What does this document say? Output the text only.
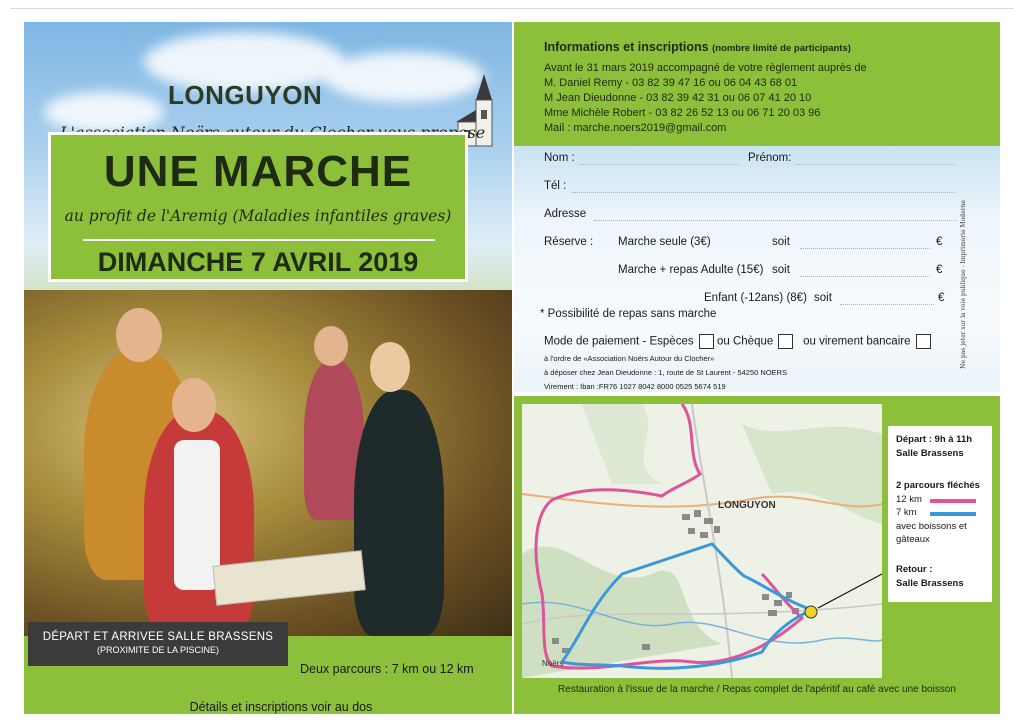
LONGUYON
UNE MARCHE
au profit de l'Aremig (Maladies infantiles graves)
DIMANCHE 7 AVRIL 2019
DÉPART ET ARRIVEE SALLE BRASSENS
(PROXIMITE DE LA PISCINE)
Deux parcours : 7 km ou 12 km
Détails et inscriptions voir au dos
Informations et inscriptions (nombre limité de participants)
Avant le 31 mars 2019 accompagné de votre règlement auprès de
M. Daniel Remy - 03 82 39 47 16 ou 06 04 43 68 01
M Jean Dieudonne - 03 82 39 42 31 ou 06 07 41 20 10
Mme Michèle Robert - 03 82 26 52 13 ou 06 71 20 03 96
Mail : marche.noers2019@gmail.com
Nom :	Prénom:
Tél :
Adresse
Réserve : Marche seule (3€)	soit	€
Marche + repas Adulte (15€) soit	€
Enfant (-12ans) (8€) soit	€
* Possibilité de repas sans marche
Mode de paiement - Espèces ou Chèque	ou virement bancaire
à l'ordre de «Association Noërs Autour du Clocher»
à déposer chez Jean Dieudonne : 1, route de St Laurent - 54250 NOERS
Virement : Iban :FR76 1027 8042 8000 0525 5674 519
Ne pas jeter sur la voie publique - Imprimerie Moderne
LONGUYON
Noërs
Départ : 9h à 11h
Salle Brassens
2 parcours fléchés
12 km
7 km
avec boissons et gâteaux
Retour :
Salle Brassens
Restauration à l'issue de la marche / Repas complet de l'apéritif au café avec une boisson
